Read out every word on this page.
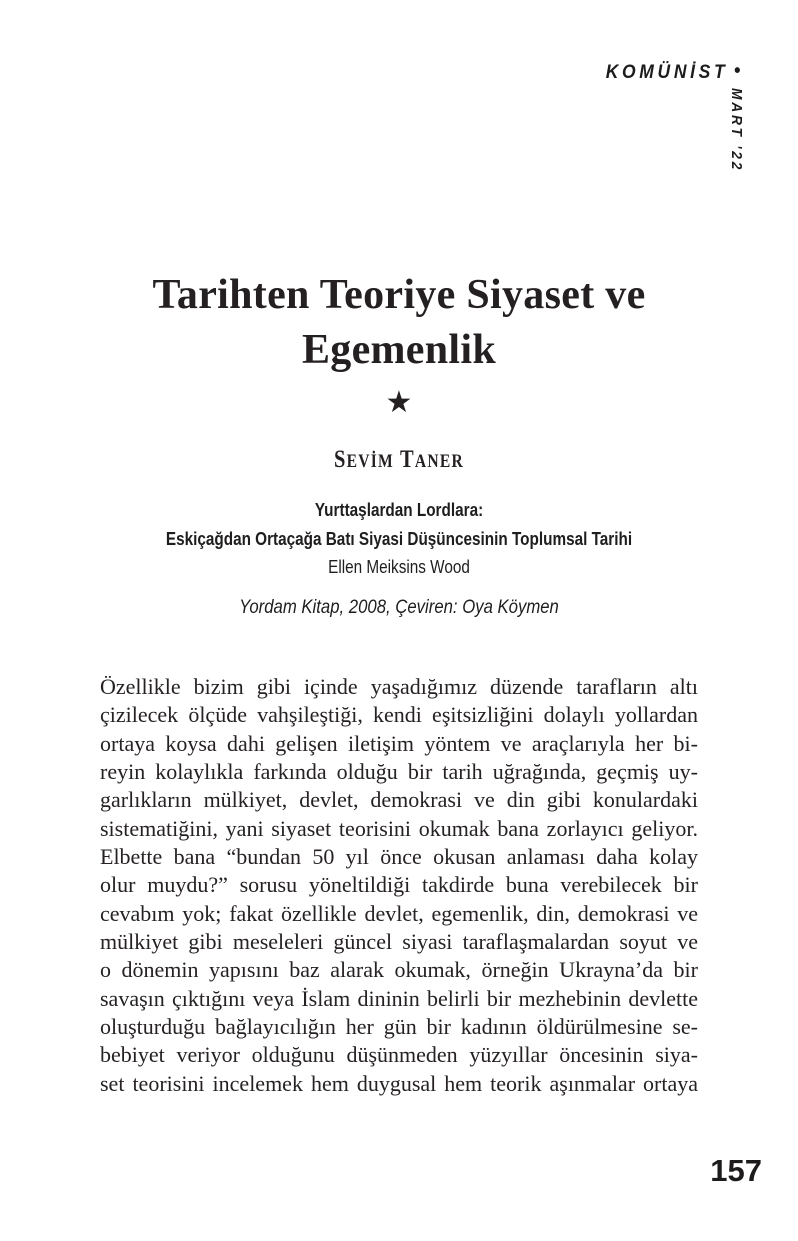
KOMÜNİST •
MART '22
Tarihten Teoriye Siyaset ve
Egemenlik
★
SEVİM TANER
Yurttaşlardan Lordlara:
Eskiçağdan Ortaçağa Batı Siyasi Düşüncesinin Toplumsal Tarihi
Ellen Meiksins Wood
Yordam Kitap, 2008, Çeviren: Oya Köymen
Özellikle bizim gibi içinde yaşadığımız düzende tarafların altı
çizilecek ölçüde vahşileştiği, kendi eşitsizliğini dolaylı yollardan
ortaya koysa dahi gelişen iletişim yöntem ve araçlarıyla her bi-
reyin kolaylıkla farkında olduğu bir tarih uğrağında, geçmiş uy-
garlıkların mülkiyet, devlet, demokrasi ve din gibi konulardaki
sistematiğini, yani siyaset teorisini okumak bana zorlayıcı geliyor.
Elbette bana “bundan 50 yıl önce okusan anlaması daha kolay
olur muydu?” sorusu yöneltildiği takdirde buna verebilecek bir
cevabım yok; fakat özellikle devlet, egemenlik, din, demokrasi ve
mülkiyet gibi meseleleri güncel siyasi taraflaşmalardan soyut ve
o dönemin yapısını baz alarak okumak, örneğin Ukrayna’da bir
savaşın çıktığını veya İslam dininin belirli bir mezhebinin devlette
oluşturduğu bağlayıcılığın her gün bir kadının öldürülmesine se-
bebiyet veriyor olduğunu düşünmeden yüzyıllar öncesinin siya-
set teorisini incelemek hem duygusal hem teorik aşınmalar ortaya
157
